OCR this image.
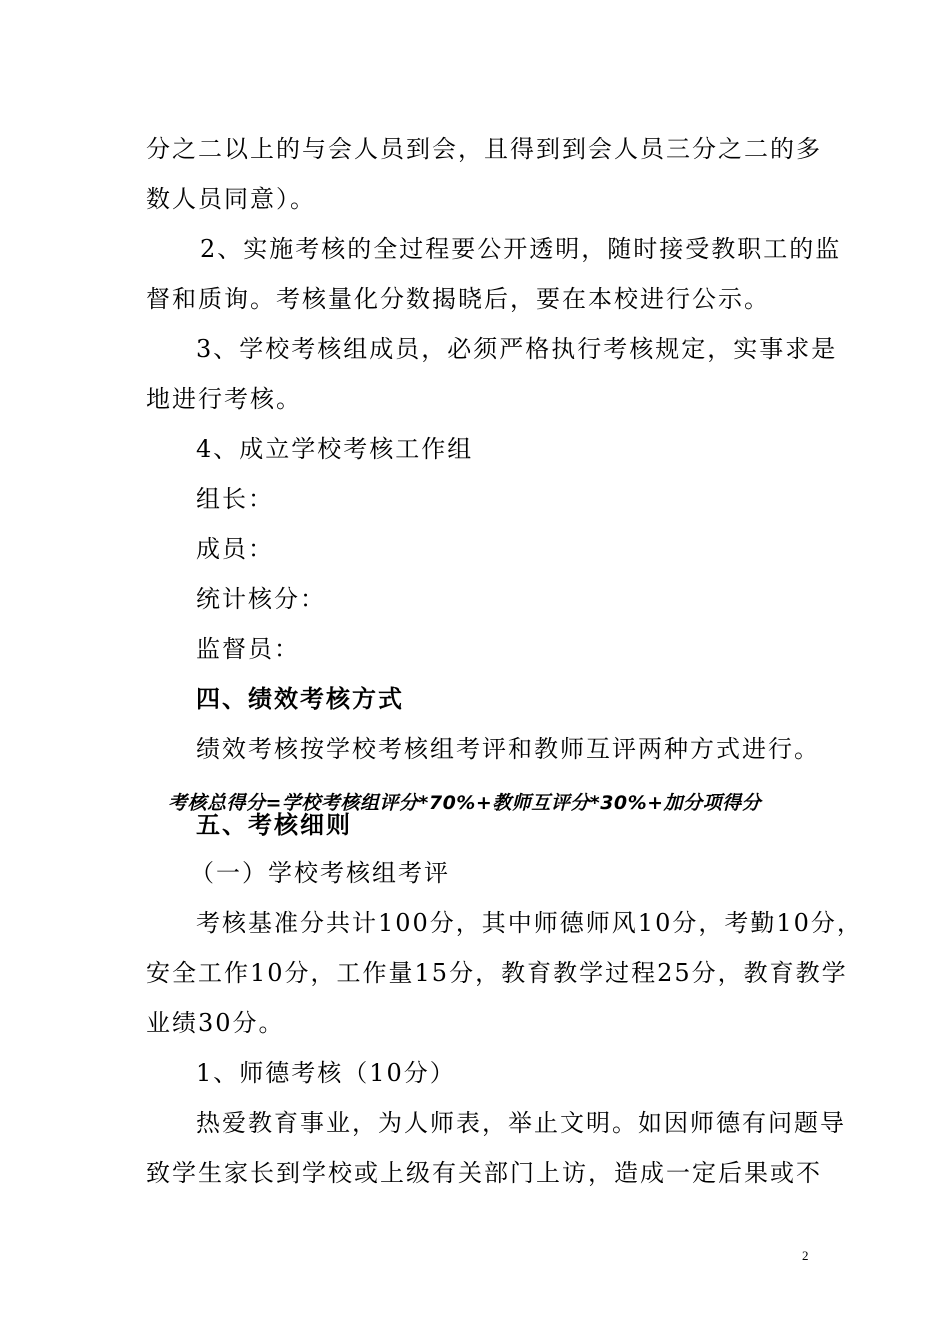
分之二以上的与会人员到会，且得到到会人员三分之二的多

数人员同意）。

2、实施考核的全过程要公开透明，随时接受教职工的监

督和质询。考核量化分数揭晓后，要在本校进行公示。

3、学校考核组成员，必须严格执行考核规定，实事求是

地进行考核。

4、成立学校考核工作组

组长：

成员：

统计核分：

监督员：

四、绩效考核方式

绩效考核按学校考核组考评和教师互评两种方式进行。

考核总得分=学校考核组评分*70%+教师互评分*30%+加分项得分

五、考核细则

（一）学校考核组考评

考核基准分共计100分，其中师德师风10分，考勤10分，

安全工作10分，工作量15分，教育教学过程25分，教育教学

业绩30分。

1、师德考核（10分）

热爱教育事业，为人师表，举止文明。如因师德有问题导

致学生家长到学校或上级有关部门上访，造成一定后果或不

2
